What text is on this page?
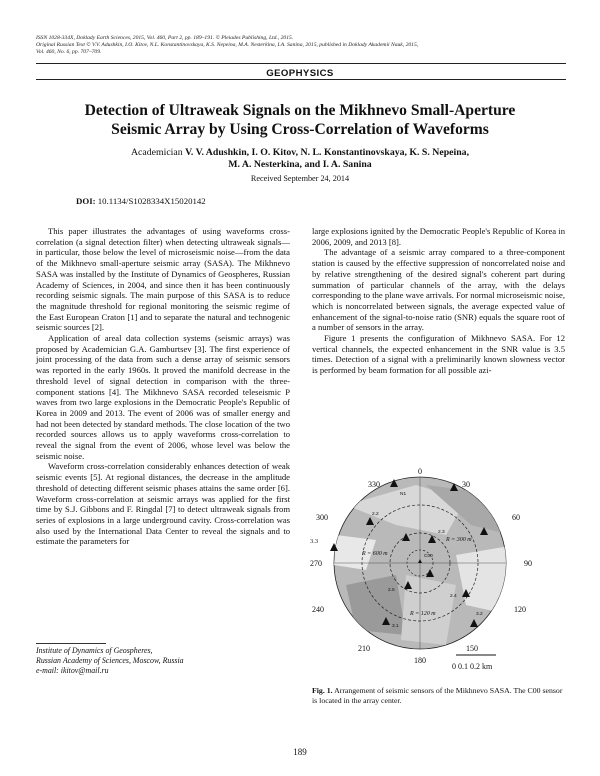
ISSN 1028-334X, Doklady Earth Sciences, 2015, Vol. 460, Part 2, pp. 189–191. © Pleiades Publishing, Ltd., 2015.
Original Russian Text © V.V. Adushkin, I.O. Kitov, N.L. Konstantinovskaya, K.S. Nepeina, M.A. Nesterkina, I.A. Sanina, 2015, published in Doklady Akademii Nauk, 2015,
Vol. 460, No. 6, pp. 707–709.
GEOPHYSICS
Detection of Ultraweak Signals on the Mikhnevo Small-Aperture
Seismic Array by Using Cross-Correlation of Waveforms
Academician V. V. Adushkin, I. O. Kitov, N. L. Konstantinovskaya, K. S. Nepeina,
M. A. Nesterkina, and I. A. Sanina
Received September 24, 2014
DOI: 10.1134/S1028334X15020142

This paper illustrates the advantages of using waveforms cross-correlation (a signal detection filter) when detecting ultraweak signals—in particular, those below the level of microseismic noise—from the data of the Mikhnevo small-aperture seismic array (SASA). The Mikhnevo SASA was installed by the Institute of Dynamics of Geospheres, Russian Academy of Sciences, in 2004, and since then it has been continuously recording seismic signals. The main purpose of this SASA is to reduce the magnitude threshold for regional monitoring the seismic regime of the East European Craton [1] and to separate the natural and technogenic seismic sources [2].

Application of areal data collection systems (seismic arrays) was proposed by Academician G.A. Gamburtsev [3]. The first experience of joint processing of the data from such a dense array of seismic sensors was reported in the early 1960s. It proved the manifold decrease in the threshold level of signal detection in comparison with the three-component stations [4]. The Mikhnevo SASA recorded teleseismic P waves from two large explosions in the Democratic People's Republic of Korea in 2009 and 2013. The event of 2006 was of smaller energy and had not been detected by standard methods. The close location of the two recorded sources allows us to apply waveforms cross-correlation to reveal the signal from the event of 2006, whose level was below the seismic noise.

Waveform cross-correlation considerably enhances detection of weak seismic events [5]. At regional distances, the decrease in the amplitude threshold of detecting different seismic phases attains the same order [6]. Waveform cross-correlation at seismic arrays was applied for the first time by S.J. Gibbons and F. Ringdal [7] to detect ultraweak signals from series of explosions in a large underground cavity. Cross-correlation was also used by the International Data Center to reveal the signals and to estimate the parameters for

Institute of Dynamics of Geospheres,
Russian Academy of Sciences, Moscow, Russia
e-mail: ikitov@mail.ru

large explosions ignited by the Democratic People's Republic of Korea in 2006, 2009, and 2013 [8].

The advantage of a seismic array compared to a three-component station is caused by the effective suppression of noncorrelated noise and by relative strengthening of the desired signal's coherent part during summation of particular channels of the array, with the delays corresponding to the plane wave arrivals. For normal microseismic noise, which is noncorrelated between signals, the average expected value of enhancement of the signal-to-noise ratio (SNR) equals the square root of a number of sensors in the array.

Figure 1 presents the configuration of Mikhnevo SASA. For 12 vertical channels, the expected enhancement in the SNR value is 3.5 times. Detection of a signal with a preliminarily known slowness vector is performed by beam formation for all possible azi-

0
30
60
90
120
150
180
210
240
270
300
330
3.3
R = 600 m
R = 300 m
R = 120 m
C00
N1
2.2
2.3
2.4
2.5
3.1
3.2
0 0.1 0.2 km
Fig. 1. Arrangement of seismic sensors of the Mikhnevo SASA. The C00 sensor is located in the array center.
189
